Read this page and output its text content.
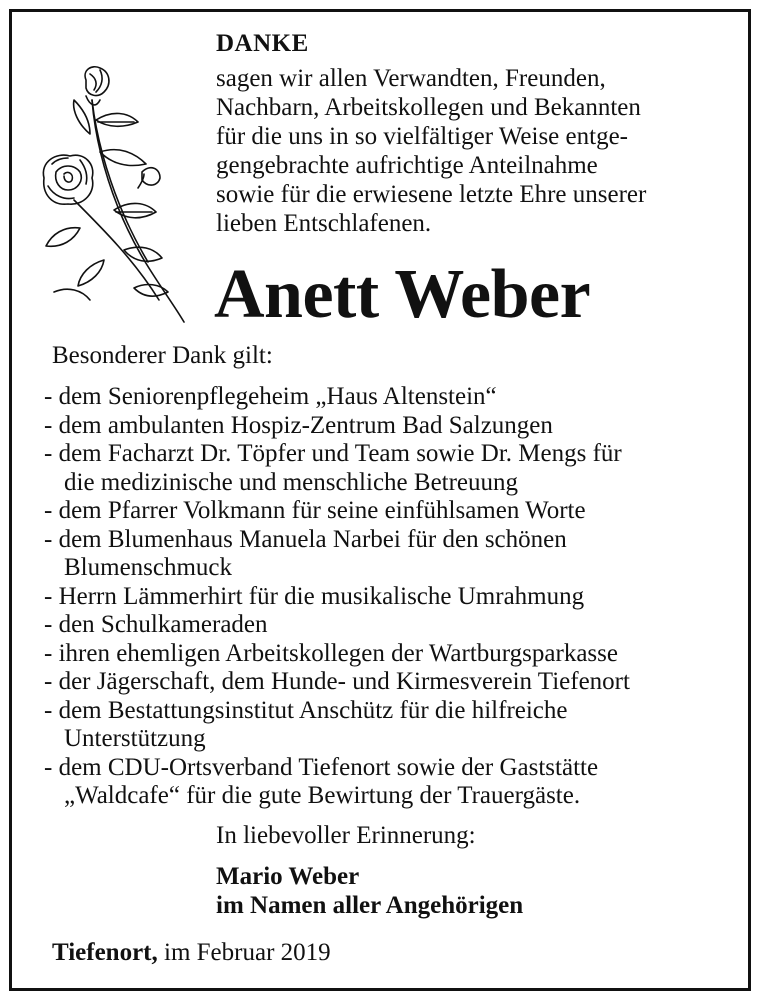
DANKE
sagen wir allen Verwandten, Freunden,
Nachbarn, Arbeitskollegen und Bekannten
für die uns in so vielfältiger Weise entge-
gengebrachte aufrichtige Anteilnahme
sowie für die erwiesene letzte Ehre unserer
lieben Entschlafenen.
Anett Weber
Besonderer Dank gilt:
- dem Seniorenpflegeheim „Haus Altenstein“
- dem ambulanten Hospiz-Zentrum Bad Salzungen
- dem Facharzt Dr. Töpfer und Team sowie Dr. Mengs für
die medizinische und menschliche Betreuung
- dem Pfarrer Volkmann für seine einfühlsamen Worte
- dem Blumenhaus Manuela Narbei für den schönen
Blumenschmuck
- Herrn Lämmerhirt für die musikalische Umrahmung
- den Schulkameraden
- ihren ehemligen Arbeitskollegen der Wartburgsparkasse
- der Jägerschaft, dem Hunde- und Kirmesverein Tiefenort
- dem Bestattungsinstitut Anschütz für die hilfreiche
Unterstützung
- dem CDU-Ortsverband Tiefenort sowie der Gaststätte
„Waldcafe“ für die gute Bewirtung der Trauergäste.
In liebevoller Erinnerung:
Mario Weber
im Namen aller Angehörigen
Tiefenort, im Februar 2019
